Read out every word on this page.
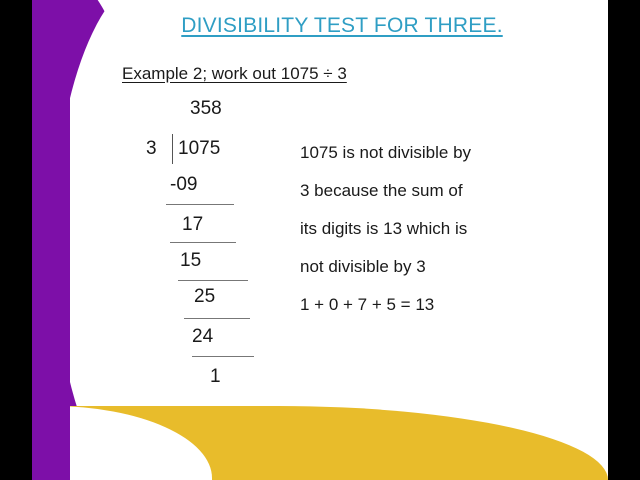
DIVISIBILITY TEST FOR THREE.
Example 2; work out 1075 ÷ 3
358
3 1075
-09
17
15
25
24
1
1075 is not divisible by
3 because the sum of
its digits is 13 which is
not divisible by 3
1 + 0 + 7 + 5 = 13
